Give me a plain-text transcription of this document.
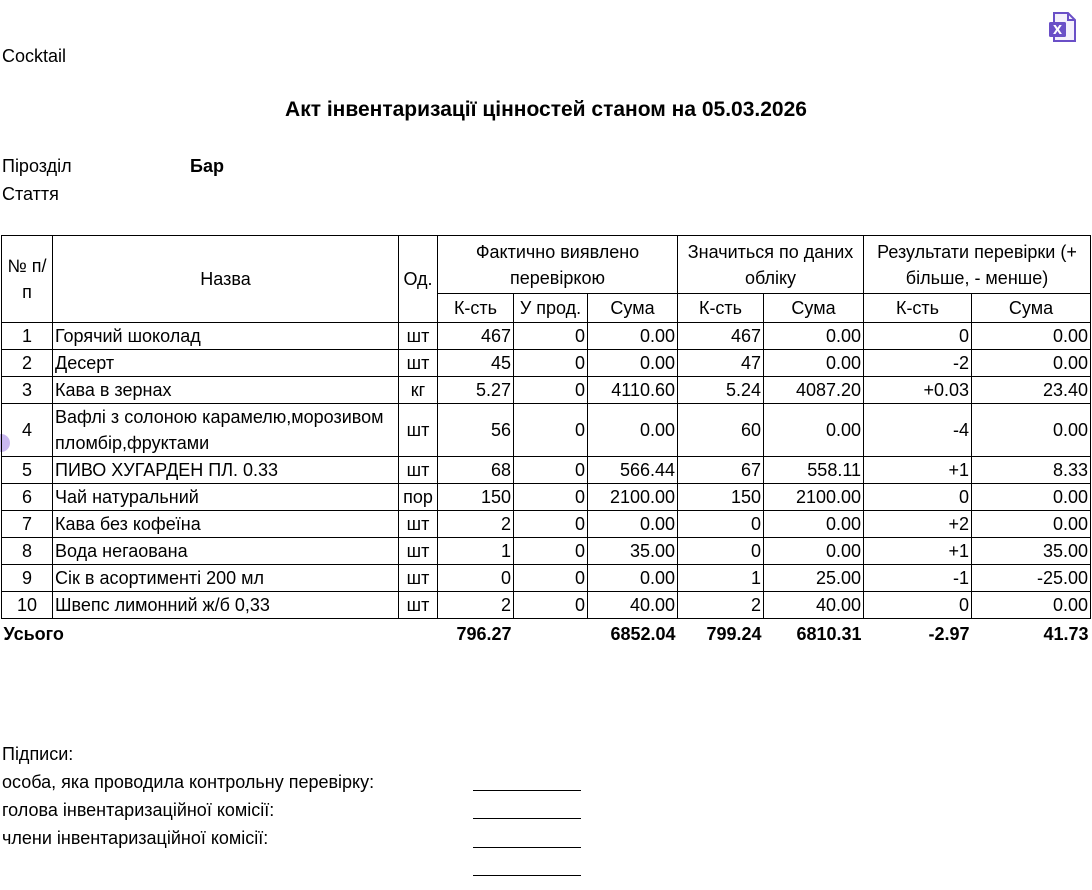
X
Cocktail
Акт інвентаризації цінностей станом на 05.03.2026
Пірозділ	Бар
Стаття
№ п/п	Назва	Од.	Фактично виявлено перевіркою			Значиться по даних обліку		Результати перевірки (+ більше, - менше)	
			К-сть	У прод.	Сума	К-сть	Сума	К-сть	Сума
1	Горячий шоколад	шт	467	0	0.00	467	0.00	0	0.00
2	Десерт	шт	45	0	0.00	47	0.00	-2	0.00
3	Кава в зернах	кг	5.27	0	4110.60	5.24	4087.20	+0.03	23.40
4	Вафлі з солоною карамелю,морозивом пломбір,фруктами	шт	56	0	0.00	60	0.00	-4	0.00
5	ПИВО ХУГАРДЕН ПЛ. 0.33	шт	68	0	566.44	67	558.11	+1	8.33
6	Чай натуральний	пор	150	0	2100.00	150	2100.00	0	0.00
7	Кава без кофеїна	шт	2	0	0.00	0	0.00	+2	0.00
8	Вода негаована	шт	1	0	35.00	0	0.00	+1	35.00
9	Сік в асортименті 200 мл	шт	0	0	0.00	1	25.00	-1	-25.00
10	Швепс лимонний ж/б 0,33	шт	2	0	40.00	2	40.00	0	0.00
Усього			796.27		6852.04	799.24	6810.31	-2.97	41.73
Підписи:
особа, яка проводила контрольну перевірку:
голова інвентаризаційної комісії:
члени інвентаризаційної комісії:
